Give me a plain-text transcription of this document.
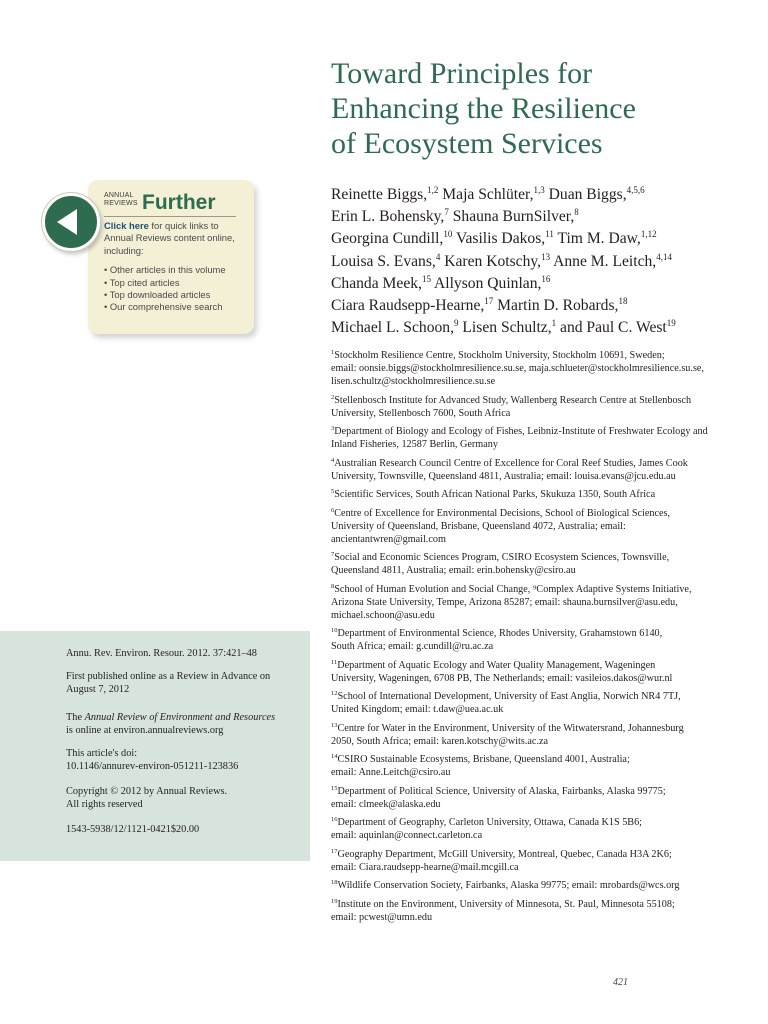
Toward Principles for
Enhancing the Resilience
of Ecosystem Services
Reinette Biggs,$^{1,2}$ Maja Schlüter,$^{1,3}$ Duan Biggs,$^{4,5,6}$
Erin L. Bohensky,$^7$ Shauna BurnSilver,$^8$
Georgina Cundill,$^{10}$ Vasilis Dakos,$^{11}$ Tim M. Daw,$^{1,12}$
Louisa S. Evans,$^4$ Karen Kotschy,$^{13}$ Anne M. Leitch,$^{4,14}$
Chanda Meek,$^{15}$ Allyson Quinlan,$^{16}$
Ciara Raudsepp-Hearne,$^{17}$ Martin D. Robards,$^{18}$
Michael L. Schoon,$^9$ Lisen Schultz,$^1$ and Paul C. West$^{19}$
$^1$Stockholm Resilience Centre, Stockholm University, Stockholm 10691, Sweden;
email: oonsie.biggs@stockholmresilience.su.se, maja.schlueter@stockholmresilience.su.se,
lisen.schultz@stockholmresilience.su.se
$^2$Stellenbosch Institute for Advanced Study, Wallenberg Research Centre at Stellenbosch
University, Stellenbosch 7600, South Africa
$^3$Department of Biology and Ecology of Fishes, Leibniz-Institute of Freshwater Ecology and
Inland Fisheries, 12587 Berlin, Germany
$^4$Australian Research Council Centre of Excellence for Coral Reef Studies, James Cook
University, Townsville, Queensland 4811, Australia; email: louisa.evans@jcu.edu.au
$^5$Scientific Services, South African National Parks, Skukuza 1350, South Africa
$^6$Centre of Excellence for Environmental Decisions, School of Biological Sciences,
University of Queensland, Brisbane, Queensland 4072, Australia; email:
ancientantwren@gmail.com
$^7$Social and Economic Sciences Program, CSIRO Ecosystem Sciences, Townsville,
Queensland 4811, Australia; email: erin.bohensky@csiro.au
$^8$School of Human Evolution and Social Change, ⁹Complex Adaptive Systems Initiative,
Arizona State University, Tempe, Arizona 85287; email: shauna.burnsilver@asu.edu,
michael.schoon@asu.edu
$^{10}$Department of Environmental Science, Rhodes University, Grahamstown 6140,
South Africa; email: g.cundill@ru.ac.za
$^{11}$Department of Aquatic Ecology and Water Quality Management, Wageningen
University, Wageningen, 6708 PB, The Netherlands; email: vasileios.dakos@wur.nl
$^{12}$School of International Development, University of East Anglia, Norwich NR4 7TJ,
United Kingdom; email: t.daw@uea.ac.uk
$^{13}$Centre for Water in the Environment, University of the Witwatersrand, Johannesburg
2050, South Africa; email: karen.kotschy@wits.ac.za
$^{14}$CSIRO Sustainable Ecosystems, Brisbane, Queensland 4001, Australia;
email: Anne.Leitch@csiro.au
$^{15}$Department of Political Science, University of Alaska, Fairbanks, Alaska 99775;
email: clmeek@alaska.edu
$^{16}$Department of Geography, Carleton University, Ottawa, Canada K1S 5B6;
email: aquinlan@connect.carleton.ca
$^{17}$Geography Department, McGill University, Montreal, Quebec, Canada H3A 2K6;
email: Ciara.raudsepp-hearne@mail.mcgill.ca
$^{18}$Wildlife Conservation Society, Fairbanks, Alaska 99775; email: mrobards@wcs.org
$^{19}$Institute on the Environment, University of Minnesota, St. Paul, Minnesota 55108;
email: pcwest@umn.edu
ANNUAL
REVIEWS Further
Click here for quick links to
Annual Reviews content online,
including:
• Other articles in this volume
• Top cited articles
• Top downloaded articles
• Our comprehensive search
Annu. Rev. Environ. Resour. 2012. 37:421–48
First published online as a Review in Advance on
August 7, 2012
The Annual Review of Environment and Resources
is online at environ.annualreviews.org
This article's doi:
10.1146/annurev-environ-051211-123836
Copyright © 2012 by Annual Reviews.
All rights reserved
1543-5938/12/1121-0421$20.00
421
